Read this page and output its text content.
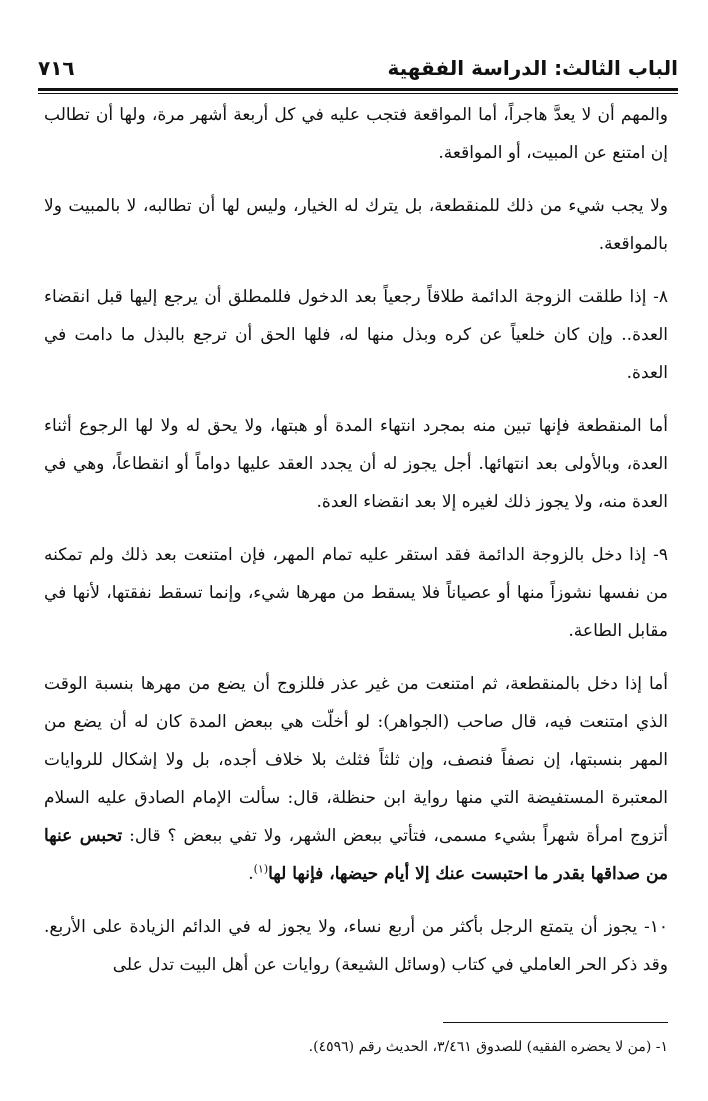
الباب الثالث: الدراسة الفقهية
٧١٦

والمهم أن لا يعدَّ هاجراً، أما المواقعة فتجب عليه في كل أربعة أشهر مرة، ولها أن تطالب إن امتنع عن المبيت، أو المواقعة.

ولا يجب شيء من ذلك للمنقطعة، بل يترك له الخيار، وليس لها أن تطالبه، لا بالمبيت ولا بالمواقعة.

٨- إذا طلقت الزوجة الدائمة طلاقاً رجعياً بعد الدخول فللمطلق أن يرجع إليها قبل انقضاء العدة.. وإن كان خلعياً عن كره وبذل منها له، فلها الحق أن ترجع بالبذل ما دامت في العدة.

أما المنقطعة فإنها تبين منه بمجرد انتهاء المدة أو هبتها، ولا يحق له ولا لها الرجوع أثناء العدة، وبالأولى بعد انتهائها. أجل يجوز له أن يجدد العقد عليها دواماً أو انقطاعاً، وهي في العدة منه، ولا يجوز ذلك لغيره إلا بعد انقضاء العدة.

٩- إذا دخل بالزوجة الدائمة فقد استقر عليه تمام المهر، فإن امتنعت بعد ذلك ولم تمكنه من نفسها نشوزاً منها أو عصياناً فلا يسقط من مهرها شيء، وإنما تسقط نفقتها، لأنها في مقابل الطاعة.

أما إذا دخل بالمنقطعة، ثم امتنعت من غير عذر فللزوج أن يضع من مهرها بنسبة الوقت الذي امتنعت فيه، قال صاحب (الجواهر): لو أخلّت هي ببعض المدة كان له أن يضع من المهر بنسبتها، إن نصفاً فنصف، وإن ثلثاً فثلث بلا خلاف أجده، بل ولا إشكال للروايات المعتبرة المستفيضة التي منها رواية ابن حنظلة، قال: سألت الإمام الصادق عليه السلام أتزوج امرأة شهراً بشيء مسمى، فتأتي ببعض الشهر، ولا تفي ببعض ؟ قال: تحبس عنها من صداقها بقدر ما احتبست عنك إلا أيام حيضها، فإنها لها$^{(١)}$.

١٠- يجوز أن يتمتع الرجل بأكثر من أربع نساء، ولا يجوز له في الدائم الزيادة على الأربع. وقد ذكر الحر العاملي في كتاب (وسائل الشيعة) روايات عن أهل البيت تدل على

١- (من لا يحضره الفقيه) للصدوق ٣/٤٦١، الحديث رقم (٤٥٩٦).
